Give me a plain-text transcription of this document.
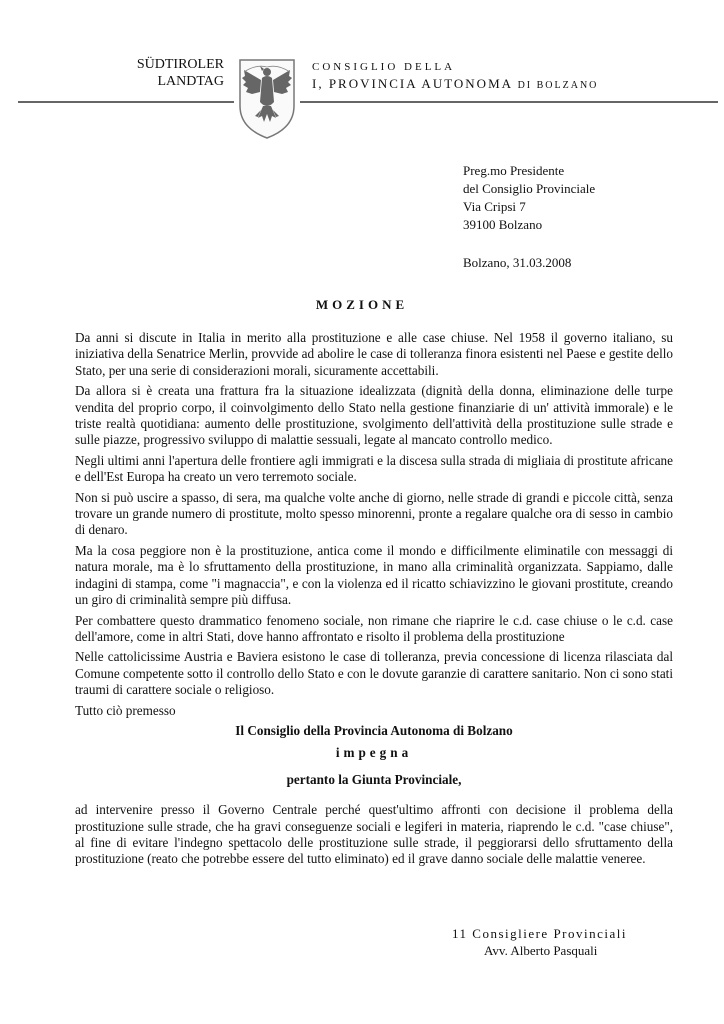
SÜDTIROLER
LANDTAG
CONSIGLIO DELLA
I, PROVINCIA AUTONOMA DI BOLZANO
Preg.mo Presidente
del Consiglio Provinciale
Via Cripsi 7
39100 Bolzano
Bolzano, 31.03.2008
MOZIONE

Da anni si discute in Italia in merito alla prostituzione e alle case chiuse. Nel 1958 il governo italiano, su iniziativa della Senatrice Merlin, provvide ad abolire le case di tolleranza finora esistenti nel Paese e gestite dello Stato, per una serie di considerazioni morali, sicuramente accettabili.

Da allora si è creata una frattura fra la situazione idealizzata (dignità della donna, eliminazione delle turpe vendita del proprio corpo, il coinvolgimento dello Stato nella gestione finanziarie di un' attività immorale) e le triste realtà quotidiana: aumento delle prostituzione, svolgimento dell'attività della prostituzione sulle strade e sulle piazze, progressivo sviluppo di malattie sessuali, legate al mancato controllo medico.

Negli ultimi anni l'apertura delle frontiere agli immigrati e la discesa sulla strada di migliaia di prostitute africane e dell'Est Europa ha creato un vero terremoto sociale.

Non si può uscire a spasso, di sera, ma qualche volte anche di giorno, nelle strade di grandi e piccole città, senza trovare un grande numero di prostitute, molto spesso minorenni, pronte a regalare qualche ora di sesso in cambio di denaro.

Ma la cosa peggiore non è la prostituzione, antica come il mondo e difficilmente eliminatile con messaggi di natura morale, ma è lo sfruttamento della prostituzione, in mano alla criminalità organizzata. Sappiamo, dalle indagini di stampa, come "i magnaccia", e con la violenza ed il ricatto schiavizzino le giovani prostitute, creando un giro di criminalità sempre più diffusa.

Per combattere questo drammatico fenomeno sociale, non rimane che riaprire le c.d. case chiuse o le c.d. case dell'amore, come in altri Stati, dove hanno affrontato e risolto il problema della prostituzione

Nelle cattolicissime Austria e Baviera esistono le case di tolleranza, previa concessione di licenza rilasciata dal Comune competente sotto il controllo dello Stato e con le dovute garanzie di carattere sanitario. Non ci sono stati traumi di carattere sociale o religioso.

Tutto ciò premesso

Il Consiglio della Provincia Autonoma di Bolzano
impegna
pertanto la Giunta Provinciale,

ad intervenire presso il Governo Centrale perché quest'ultimo affronti con decisione il problema della prostituzione sulle strade, che ha gravi conseguenze sociali e legiferi in materia, riaprendo le c.d. "case chiuse", al fine di evitare l'indegno spettacolo delle prostituzione sulle strade, il peggiorarsi dello sfruttamento della prostituzione (reato che potrebbe essere del tutto eliminato) ed il grave danno sociale delle malattie veneree.

11 Consigliere Provinciali
Avv. Alberto Pasquali
